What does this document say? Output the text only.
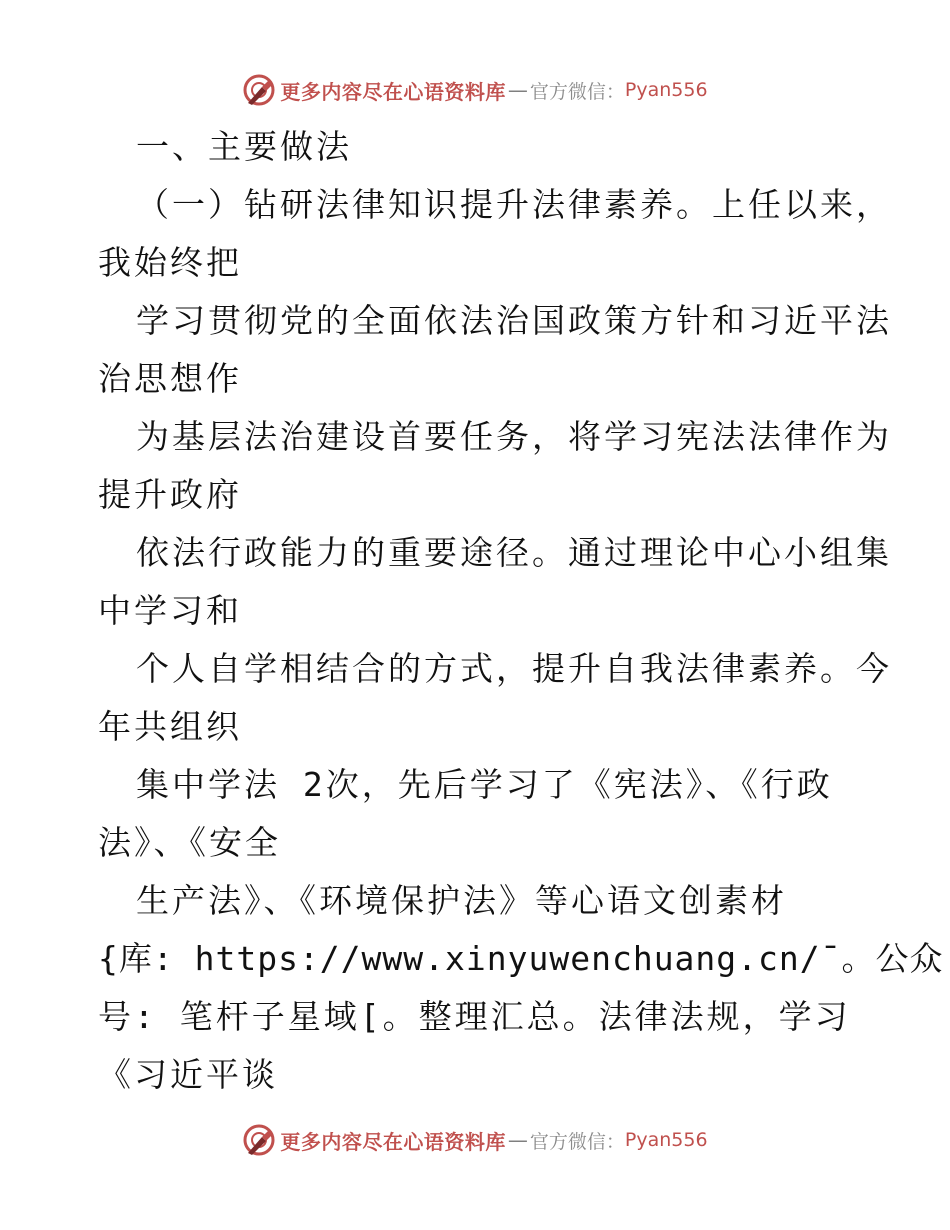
更多内容尽在心语资料库 — 官方微信： Pyan556
一、主要做法
（一）钻研法律知识提升法律素养。上任以来，
我始终把
学习贯彻党的全面依法治国政策方针和习近平法
治思想作
为基层法治建设首要任务，将学习宪法法律作为
提升政府
依法行政能力的重要途径。通过理论中心小组集
中学习和
个人自学相结合的方式，提升自我法律素养。今
年共组织
集中学法 2次，先后学习了《宪法》、《行政
法》、《安全
生产法》、《环境保护法》等心语文创素材
{库: https://www.xinyuwenchuang.cn/¯。公众
号: 笔杆子星域[。整理汇总。法律法规，学习
《习近平谈
更多内容尽在心语资料库 — 官方微信： Pyan556
